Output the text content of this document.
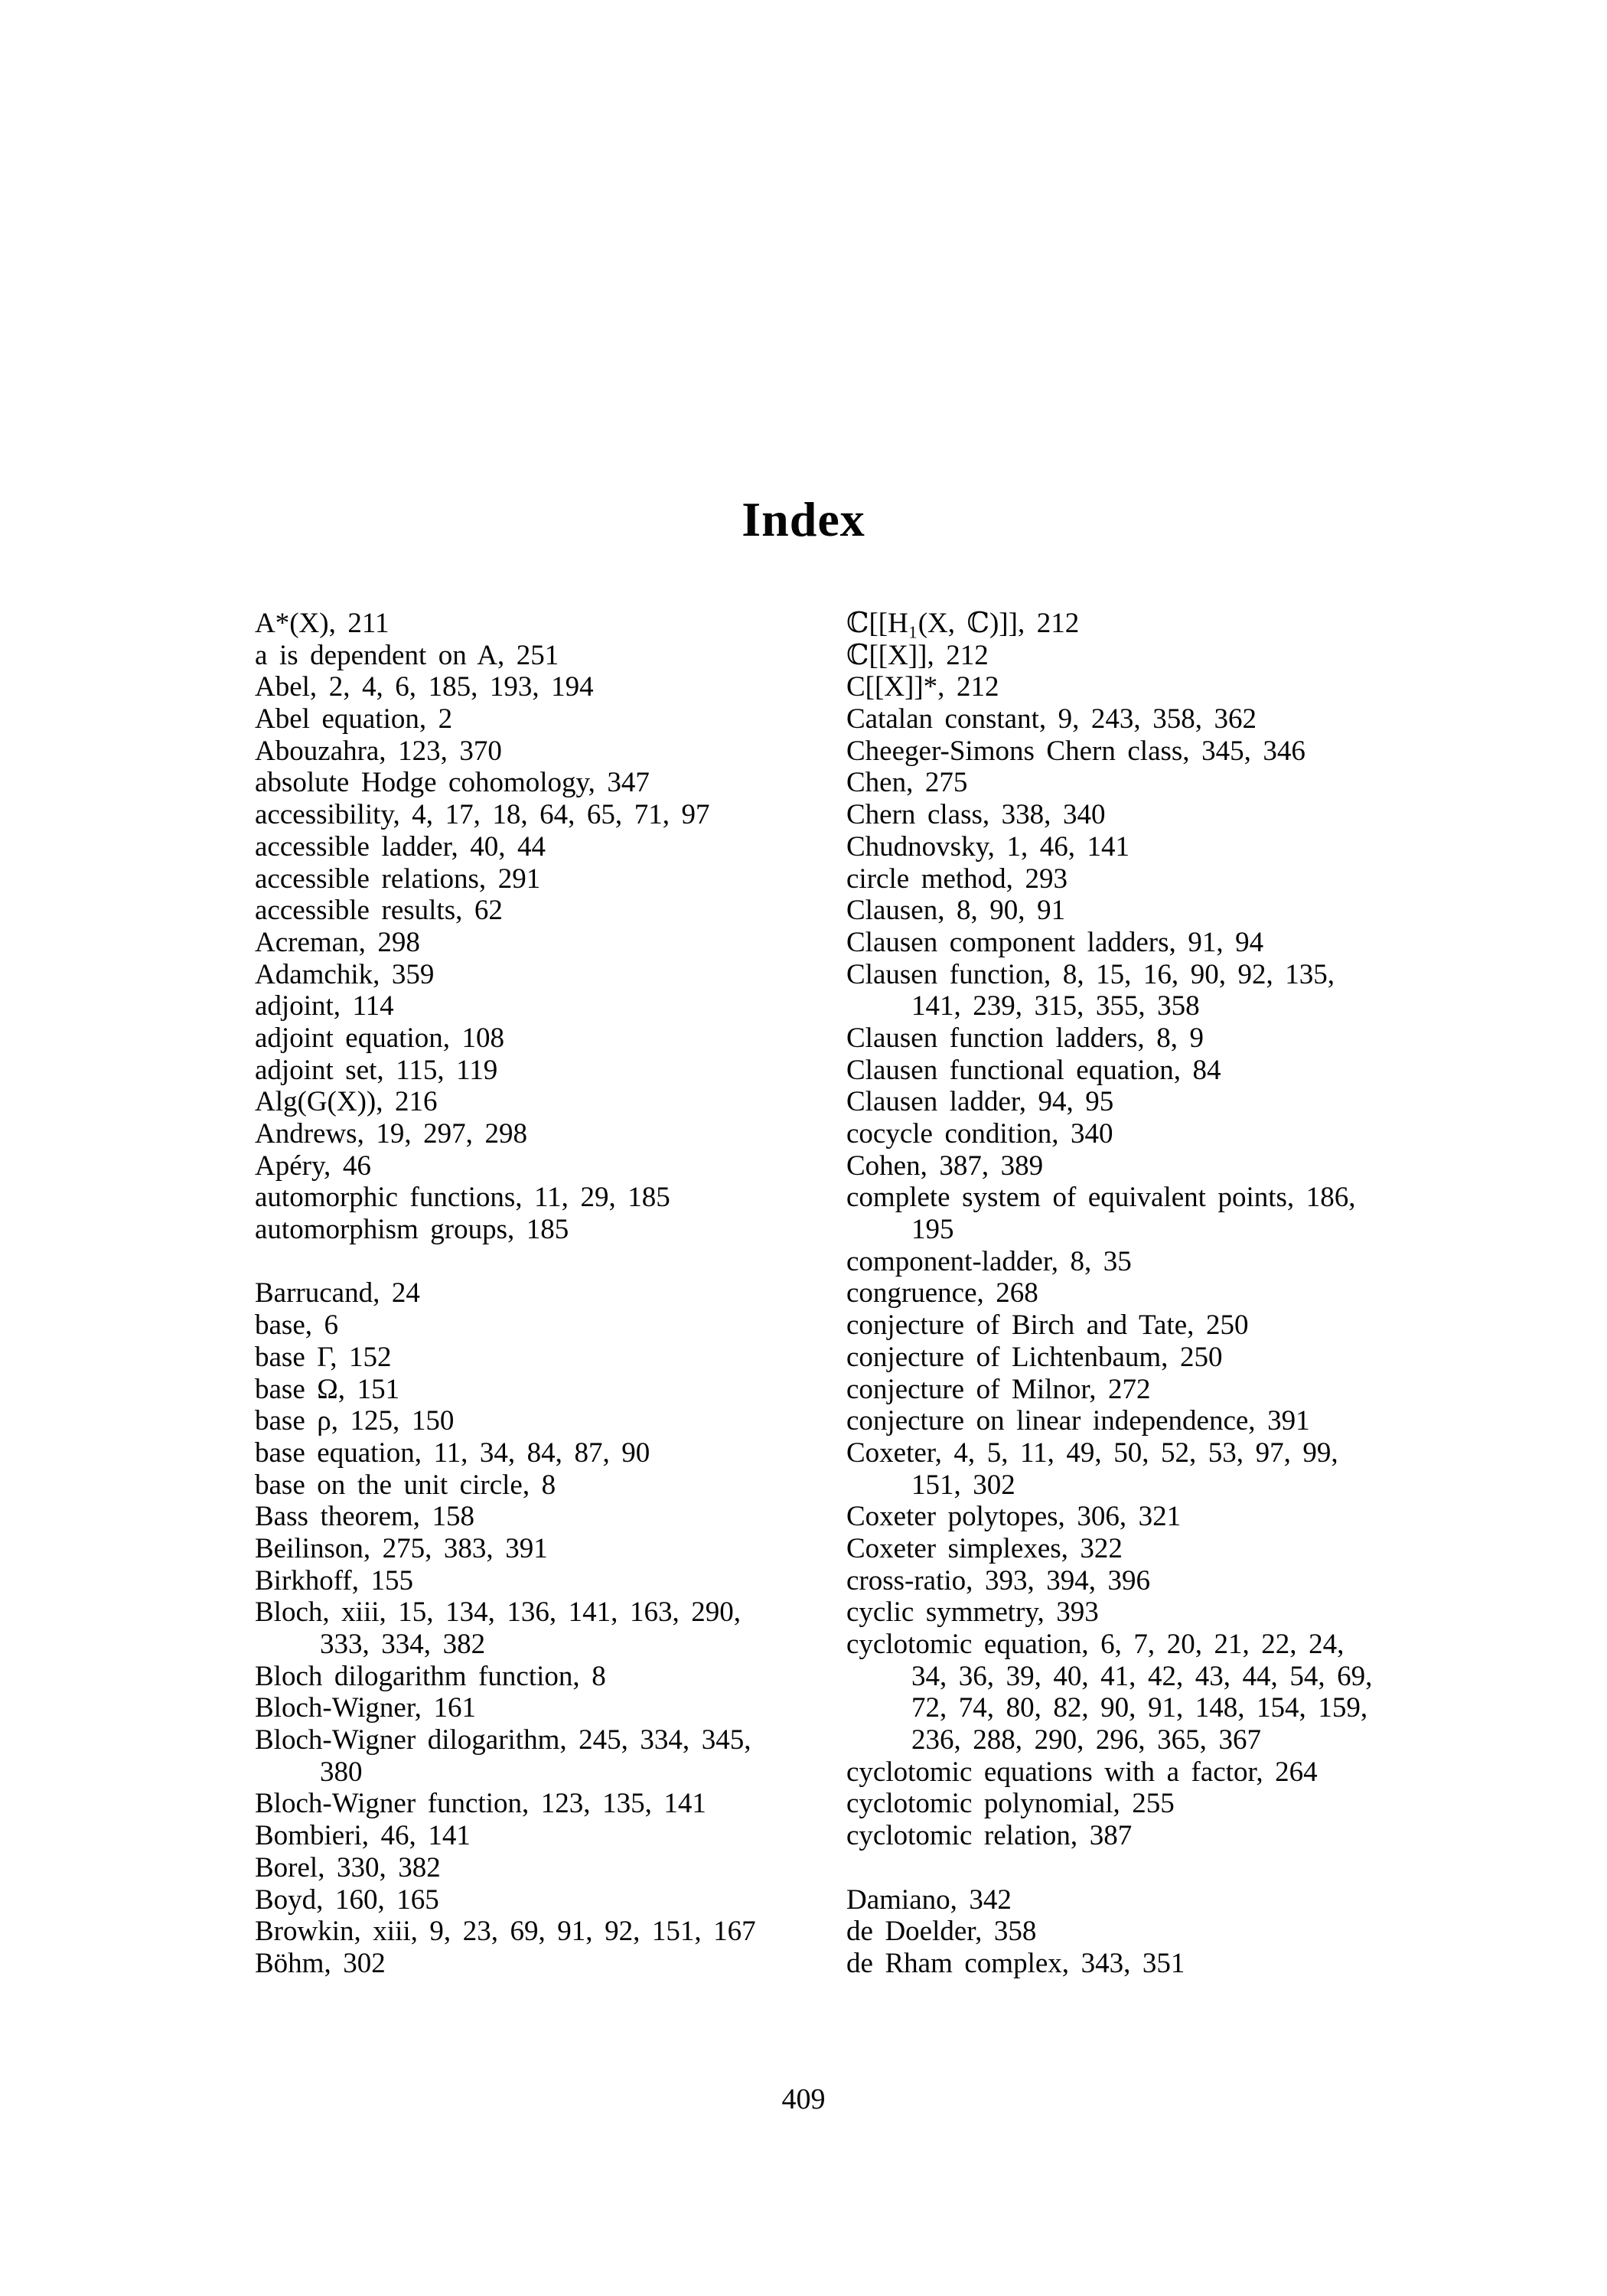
Index
A*(X), 211
a is dependent on A, 251
Abel, 2, 4, 6, 185, 193, 194
Abel equation, 2
Abouzahra, 123, 370
absolute Hodge cohomology, 347
accessibility, 4, 17, 18, 64, 65, 71, 97
accessible ladder, 40, 44
accessible relations, 291
accessible results, 62
Acreman, 298
Adamchik, 359
adjoint, 114
adjoint equation, 108
adjoint set, 115, 119
Alg(G(X)), 216
Andrews, 19, 297, 298
Apéry, 46
automorphic functions, 11, 29, 185
automorphism groups, 185
Barrucand, 24
base, 6
base Γ, 152
base Ω, 151
base ρ, 125, 150
base equation, 11, 34, 84, 87, 90
base on the unit circle, 8
Bass theorem, 158
Beilinson, 275, 383, 391
Birkhoff, 155
Bloch, xiii, 15, 134, 136, 141, 163, 290,
333, 334, 382
Bloch dilogarithm function, 8
Bloch-Wigner, 161
Bloch-Wigner dilogarithm, 245, 334, 345,
380
Bloch-Wigner function, 123, 135, 141
Bombieri, 46, 141
Borel, 330, 382
Boyd, 160, 165
Browkin, xiii, 9, 23, 69, 91, 92, 151, 167
Böhm, 302
ℂ[[H₁(X, ℂ)]], 212
ℂ[[X]], 212
C[[X]]*, 212
Catalan constant, 9, 243, 358, 362
Cheeger-Simons Chern class, 345, 346
Chen, 275
Chern class, 338, 340
Chudnovsky, 1, 46, 141
circle method, 293
Clausen, 8, 90, 91
Clausen component ladders, 91, 94
Clausen function, 8, 15, 16, 90, 92, 135,
141, 239, 315, 355, 358
Clausen function ladders, 8, 9
Clausen functional equation, 84
Clausen ladder, 94, 95
cocycle condition, 340
Cohen, 387, 389
complete system of equivalent points, 186,
195
component-ladder, 8, 35
congruence, 268
conjecture of Birch and Tate, 250
conjecture of Lichtenbaum, 250
conjecture of Milnor, 272
conjecture on linear independence, 391
Coxeter, 4, 5, 11, 49, 50, 52, 53, 97, 99,
151, 302
Coxeter polytopes, 306, 321
Coxeter simplexes, 322
cross-ratio, 393, 394, 396
cyclic symmetry, 393
cyclotomic equation, 6, 7, 20, 21, 22, 24,
34, 36, 39, 40, 41, 42, 43, 44, 54, 69,
72, 74, 80, 82, 90, 91, 148, 154, 159,
236, 288, 290, 296, 365, 367
cyclotomic equations with a factor, 264
cyclotomic polynomial, 255
cyclotomic relation, 387
Damiano, 342
de Doelder, 358
de Rham complex, 343, 351
409
